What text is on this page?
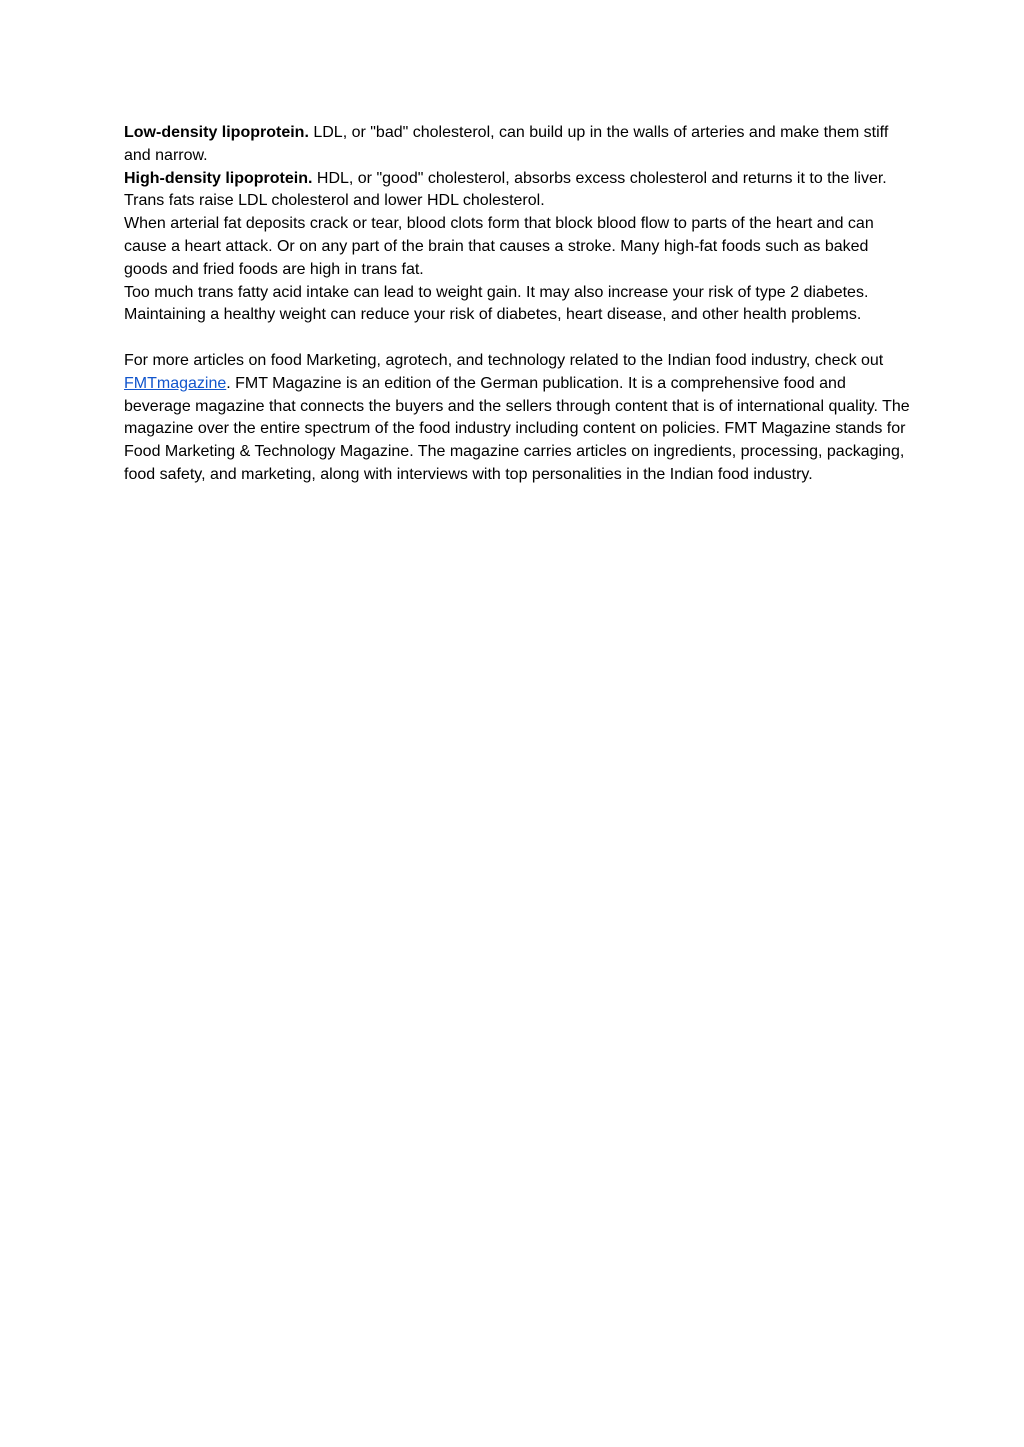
Low-density lipoprotein. LDL, or "bad" cholesterol, can build up in the walls of arteries and make them stiff and narrow.

High-density lipoprotein. HDL, or "good" cholesterol, absorbs excess cholesterol and returns it to the liver.

Trans fats raise LDL cholesterol and lower HDL cholesterol.

When arterial fat deposits crack or tear, blood clots form that block blood flow to parts of the heart and can cause a heart attack. Or on any part of the brain that causes a stroke. Many high-fat foods such as baked goods and fried foods are high in trans fat.

Too much trans fatty acid intake can lead to weight gain. It may also increase your risk of type 2 diabetes. Maintaining a healthy weight can reduce your risk of diabetes, heart disease, and other health problems.

For more articles on food Marketing, agrotech, and technology related to the Indian food industry, check out FMTmagazine. FMT Magazine is an edition of the German publication. It is a comprehensive food and beverage magazine that connects the buyers and the sellers through content that is of international quality. The magazine over the entire spectrum of the food industry including content on policies. FMT Magazine stands for Food Marketing & Technology Magazine. The magazine carries articles on ingredients, processing, packaging, food safety, and marketing, along with interviews with top personalities in the Indian food industry.
